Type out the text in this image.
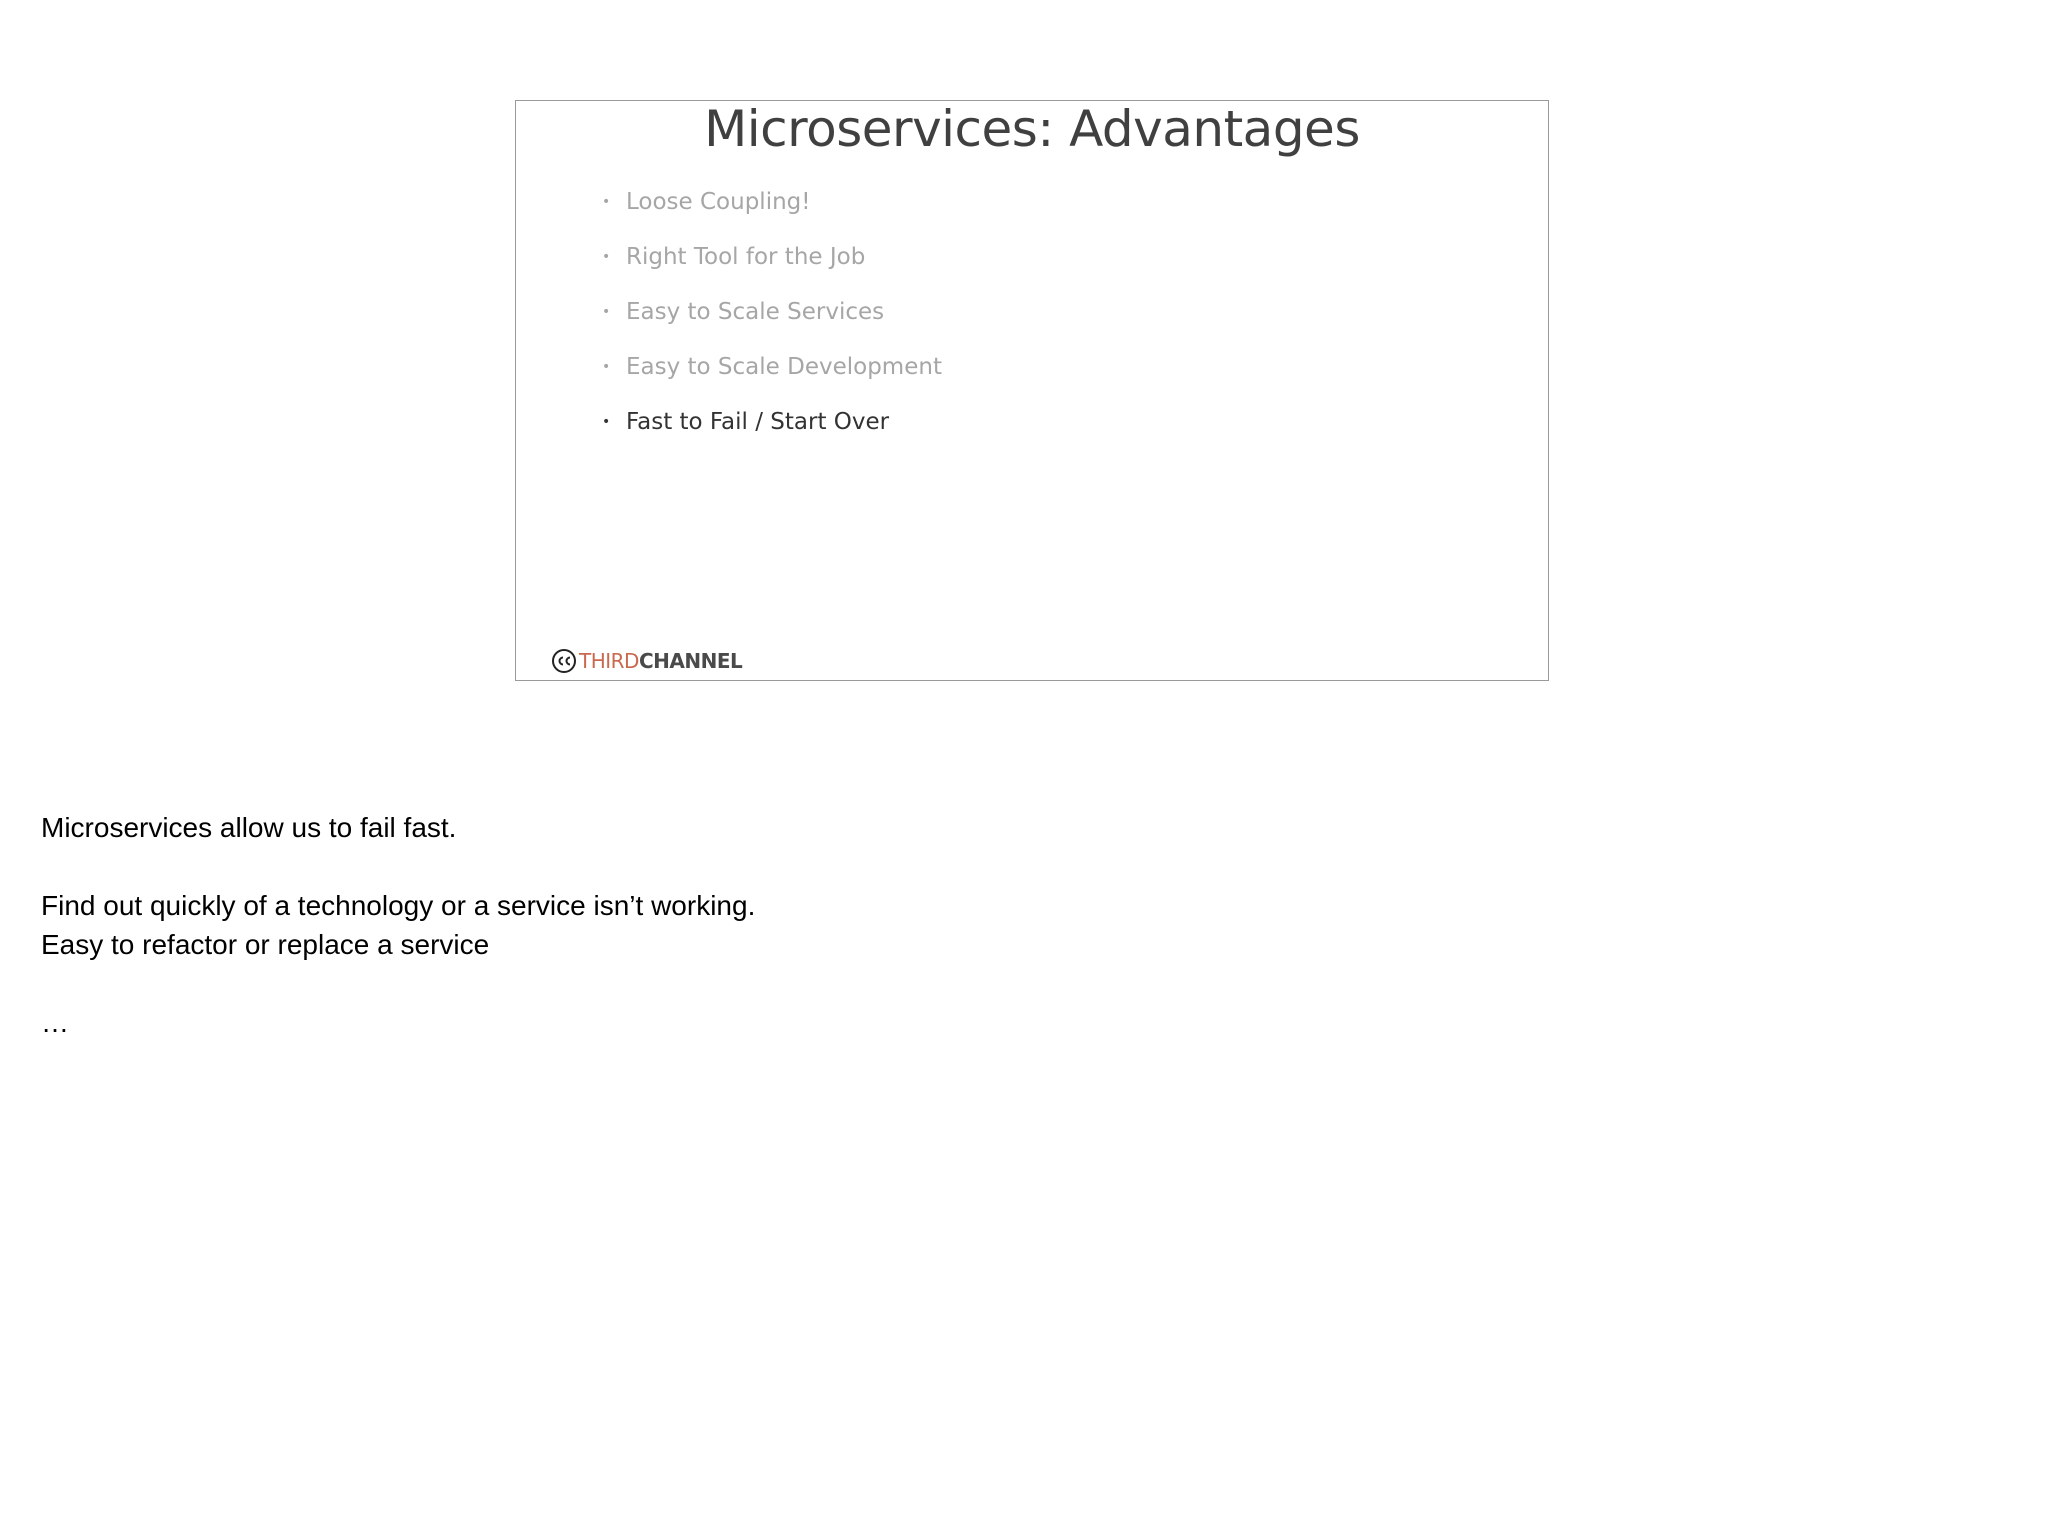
Microservices: Advantages
• Loose Coupling!
• Right Tool for the Job
• Easy to Scale Services
• Easy to Scale Development
• Fast to Fail / Start Over
THIRD CHANNEL

Microservices allow us to fail fast.

Find out quickly of a technology or a service isn’t working.

Easy to refactor or replace a service

…
